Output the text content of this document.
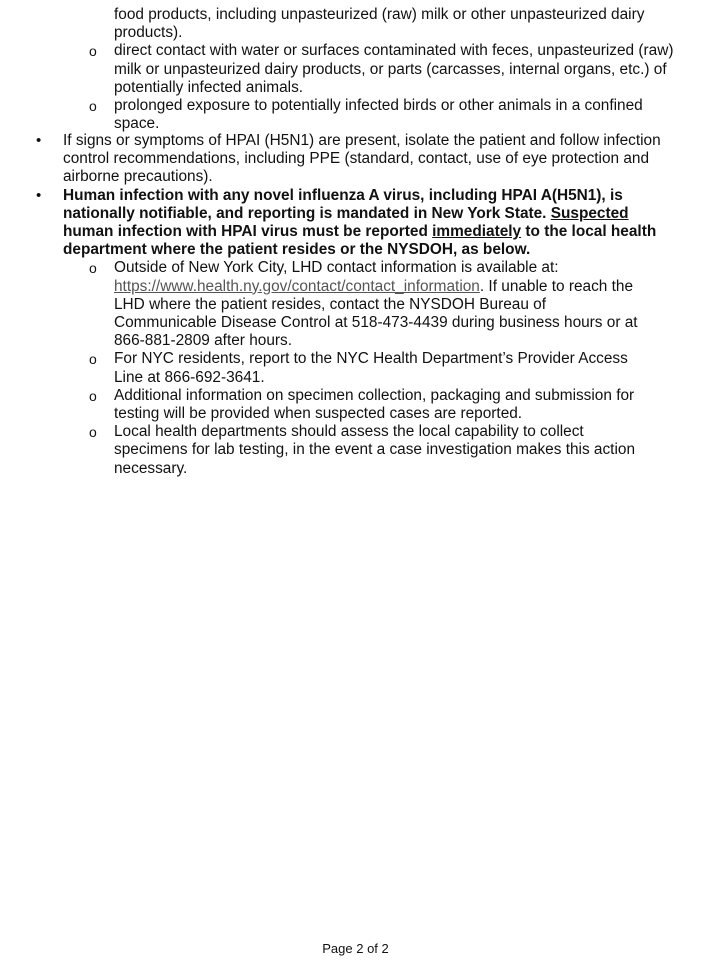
food products, including unpasteurized (raw) milk or other unpasteurized dairy products).
o direct contact with water or surfaces contaminated with feces, unpasteurized (raw) milk or unpasteurized dairy products, or parts (carcasses, internal organs, etc.) of potentially infected animals.
o prolonged exposure to potentially infected birds or other animals in a confined space.
• If signs or symptoms of HPAI (H5N1) are present, isolate the patient and follow infection control recommendations, including PPE (standard, contact, use of eye protection and airborne precautions).
• Human infection with any novel influenza A virus, including HPAI A(H5N1), is nationally notifiable, and reporting is mandated in New York State. Suspected human infection with HPAI virus must be reported immediately to the local health department where the patient resides or the NYSDOH, as below.
o Outside of New York City, LHD contact information is available at: https://www.health.ny.gov/contact/contact_information. If unable to reach the LHD where the patient resides, contact the NYSDOH Bureau of Communicable Disease Control at 518-473-4439 during business hours or at 866-881-2809 after hours.
o For NYC residents, report to the NYC Health Department’s Provider Access Line at 866-692-3641.
o Additional information on specimen collection, packaging and submission for testing will be provided when suspected cases are reported.
o Local health departments should assess the local capability to collect specimens for lab testing, in the event a case investigation makes this action necessary.
Page 2 of 2
